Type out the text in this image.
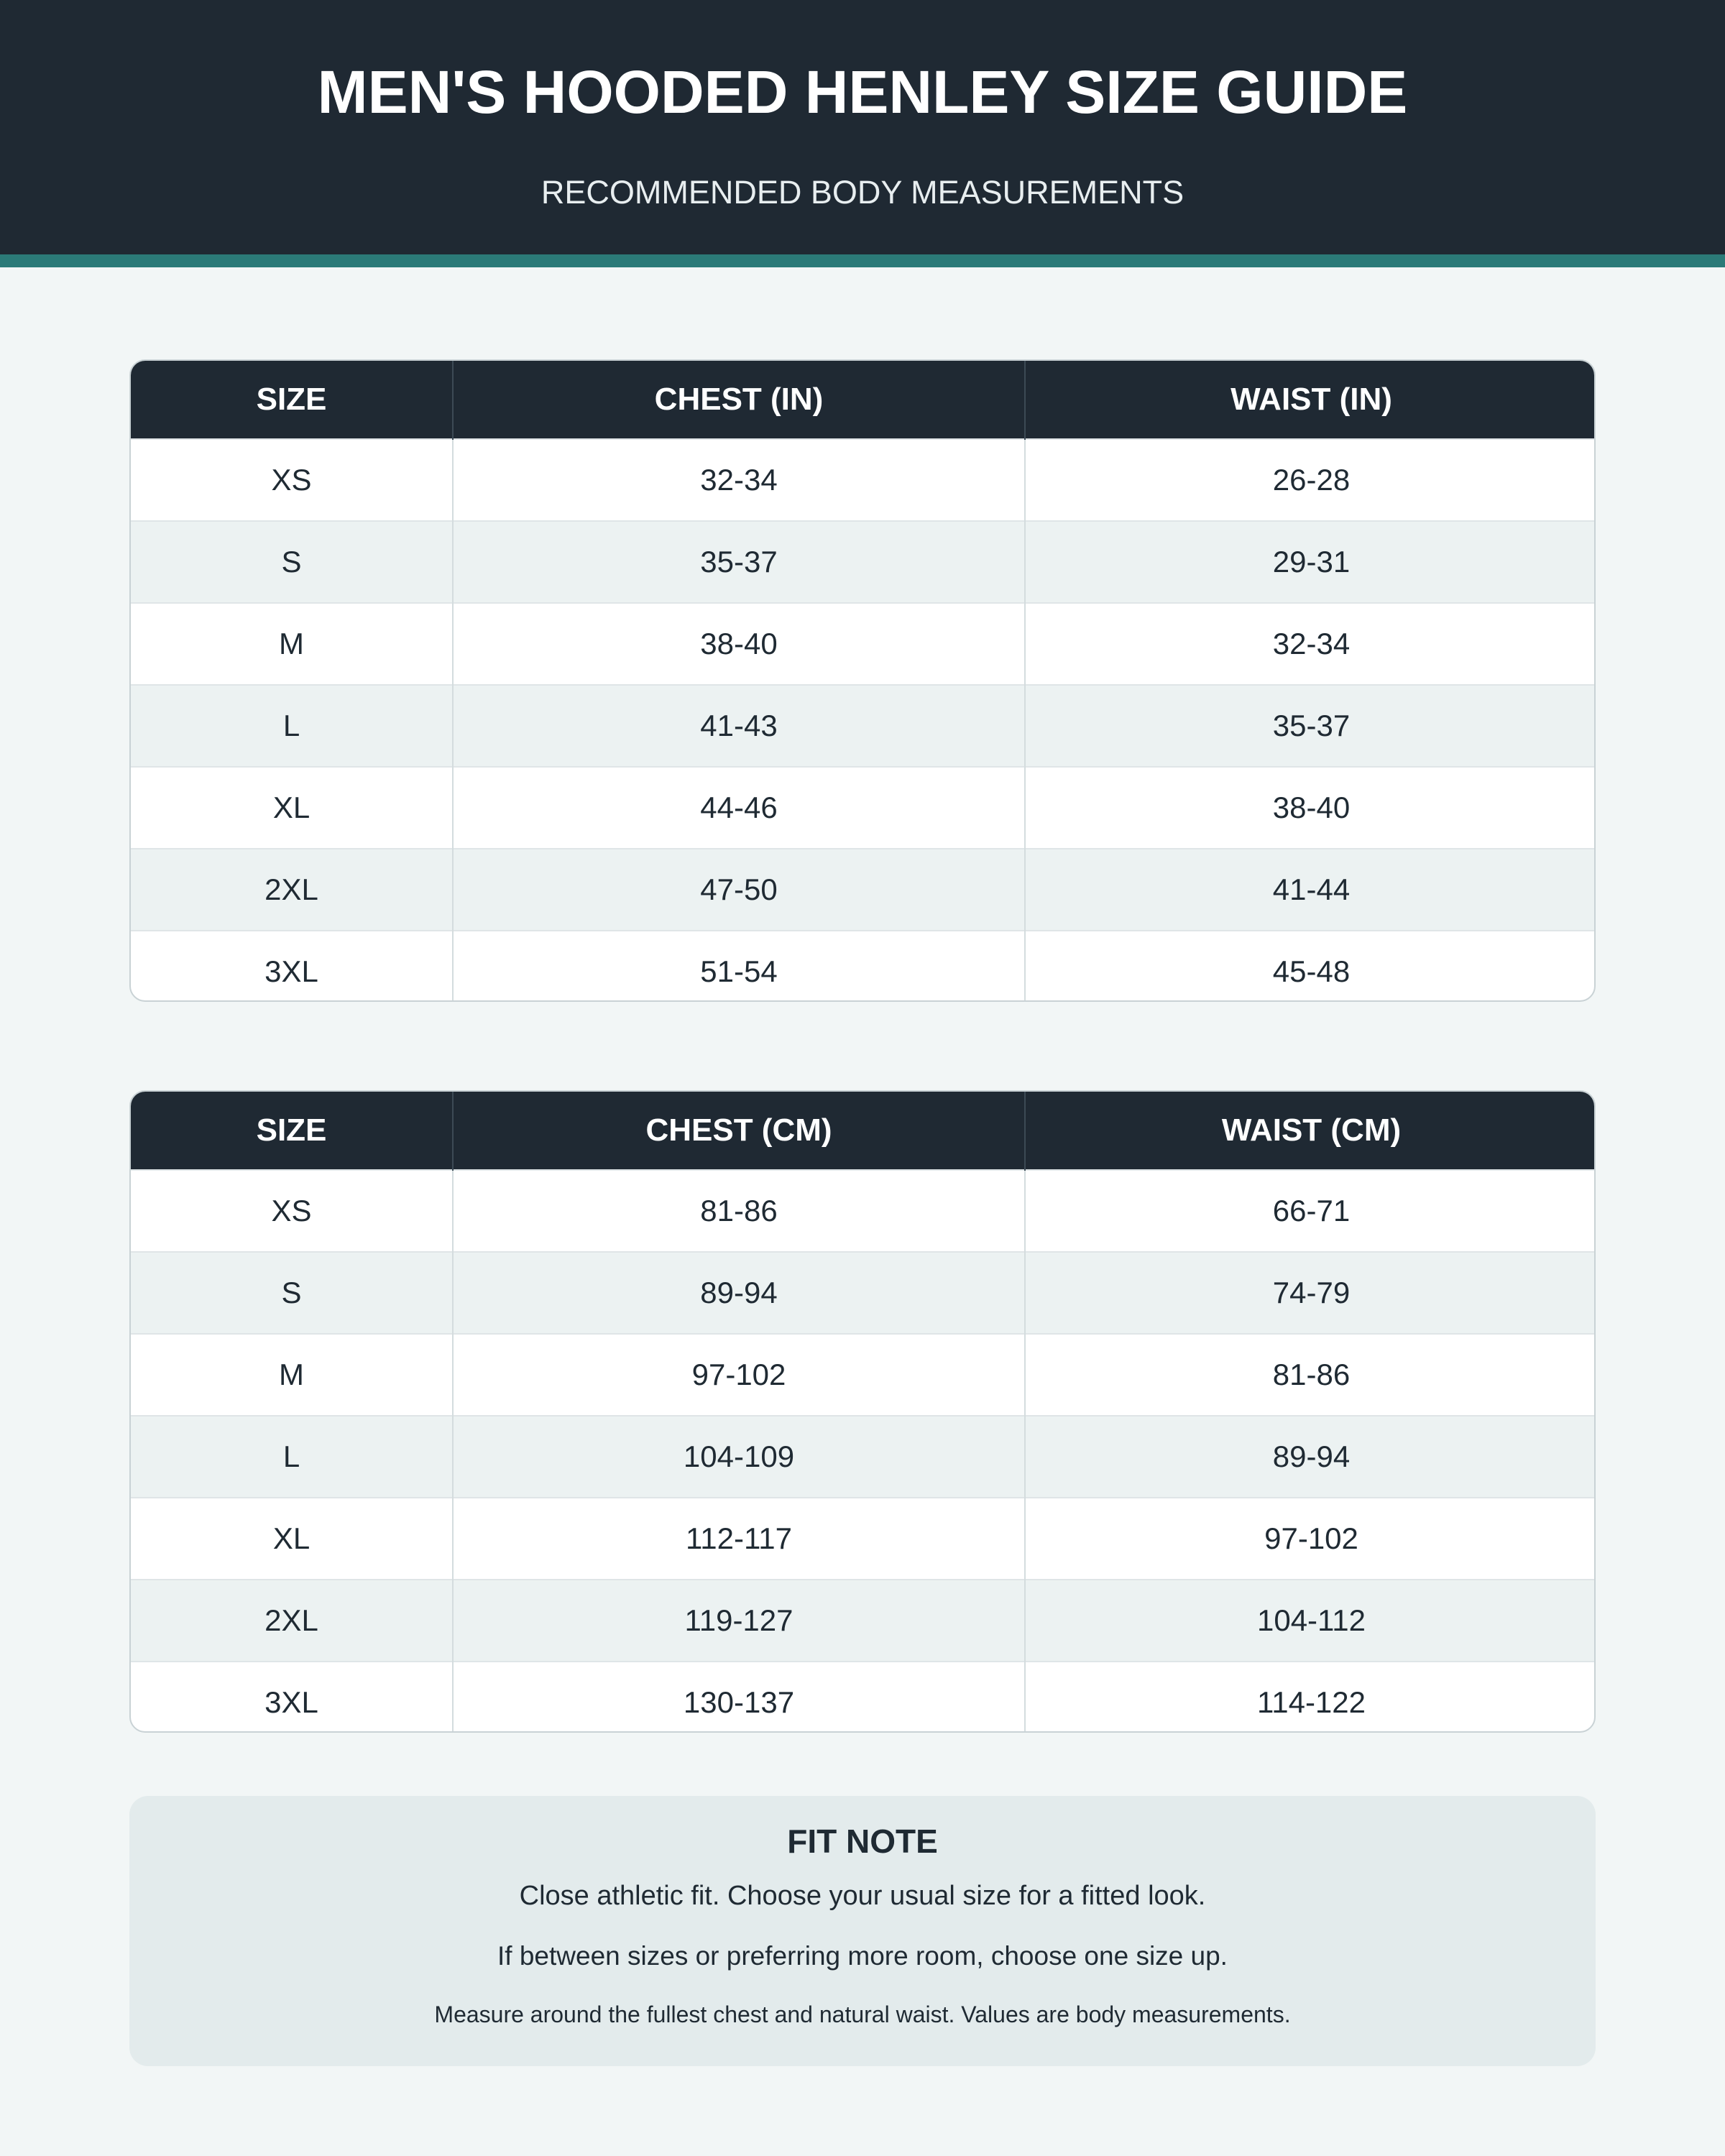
MEN'S HOODED HENLEY SIZE GUIDE
RECOMMENDED BODY MEASUREMENTS
SIZE	CHEST (IN)	WAIST (IN)
XS	32-34	26-28
S	35-37	29-31
M	38-40	32-34
L	41-43	35-37
XL	44-46	38-40
2XL	47-50	41-44
3XL	51-54	45-48
SIZE	CHEST (CM)	WAIST (CM)
XS	81-86	66-71
S	89-94	74-79
M	97-102	81-86
L	104-109	89-94
XL	112-117	97-102
2XL	119-127	104-112
3XL	130-137	114-122
FIT NOTE
Close athletic fit. Choose your usual size for a fitted look.
If between sizes or preferring more room, choose one size up.
Measure around the fullest chest and natural waist. Values are body measurements.
